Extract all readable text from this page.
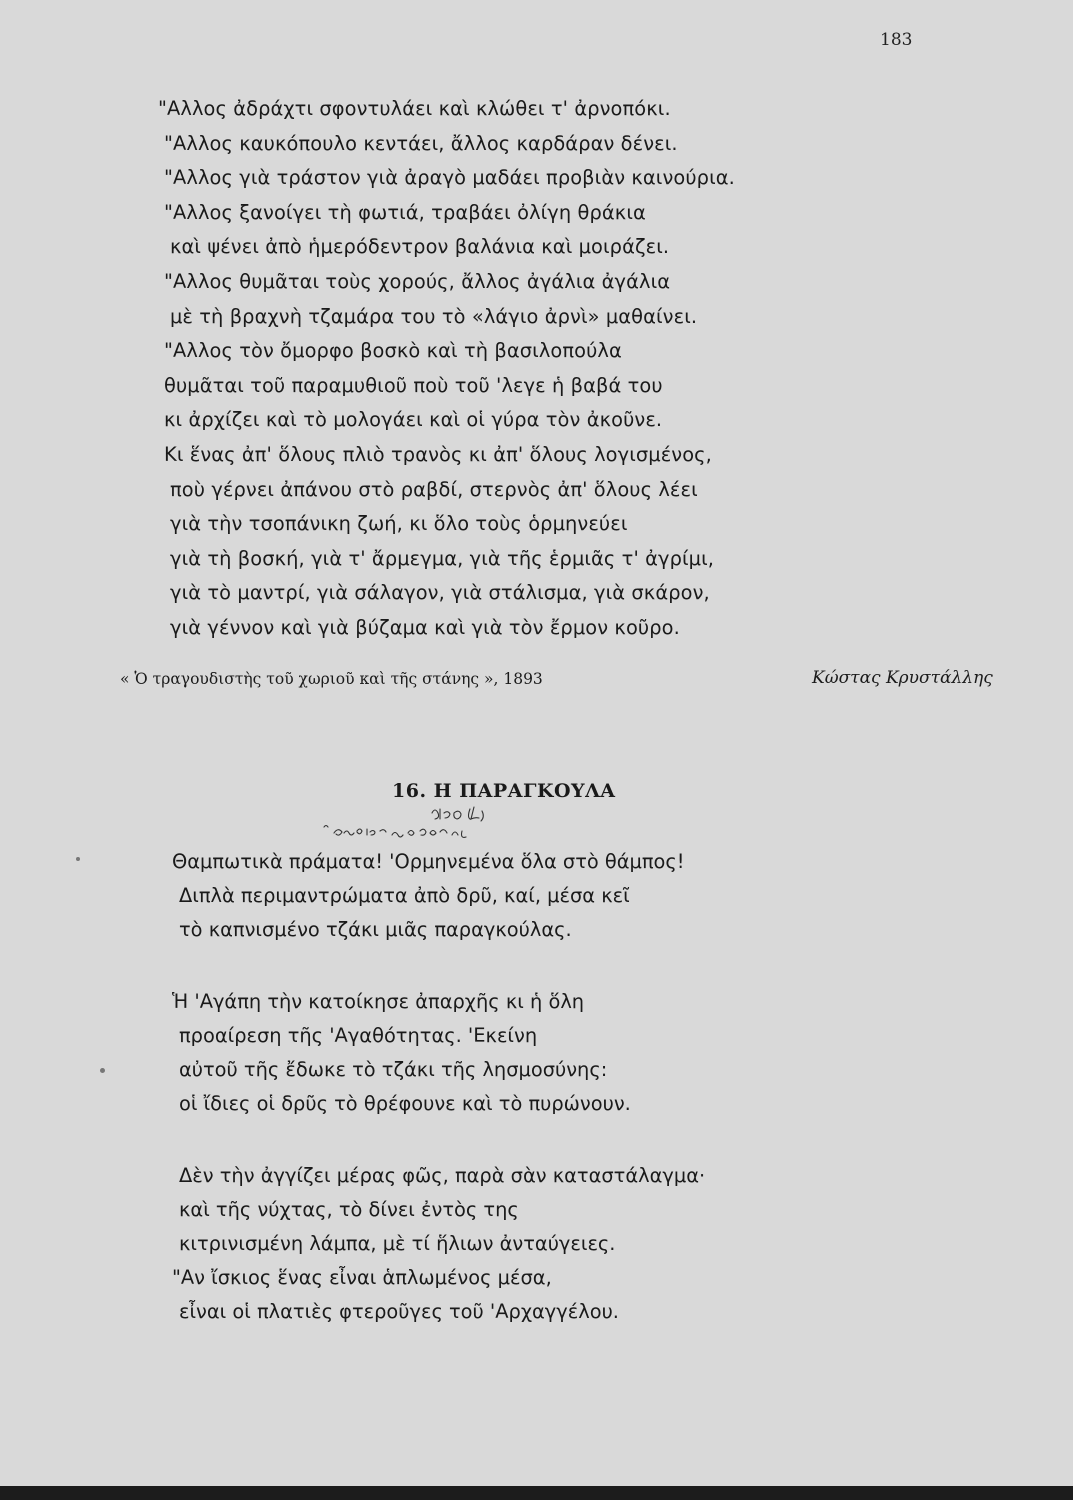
183
"Αλλος ἀδράχτι σφοντυλάει καὶ κλώθει τ' ἀρνοπόκι.
"Αλλος καυκόπουλο κεντάει, ἄλλος καρδάραν δένει.
"Αλλος γιὰ τράστον γιὰ ἀραγὸ μαδάει προβιὰν καινούρια.
"Αλλος ξανοίγει τὴ φωτιά, τραβάει ὀλίγη θράκια
καὶ ψένει ἀπὸ ἡμερόδεντρον βαλάνια καὶ μοιράζει.
"Αλλος θυμᾶται τοὺς χορούς, ἄλλος ἀγάλια ἀγάλια
μὲ τὴ βραχνὴ τζαμάρα του τὸ «λάγιο ἀρνὶ» μαθαίνει.
"Αλλος τὸν ὄμορφο βοσκὸ καὶ τὴ βασιλοπούλα
θυμᾶται τοῦ παραμυθιοῦ ποὺ τοῦ 'λεγε ἡ βαβά του
κι ἀρχίζει καὶ τὸ μολογάει καὶ οἱ γύρα τὸν ἀκοῦνε.
Κι ἕνας ἀπ' ὅλους πλιὸ τρανὸς κι ἀπ' ὅλους λογισμένος,
ποὺ γέρνει ἀπάνου στὸ ραβδί, στερνὸς ἀπ' ὅλους λέει
γιὰ τὴν τσοπάνικη ζωή, κι ὅλο τοὺς ὁρμηνεύει
γιὰ τὴ βοσκή, γιὰ τ' ἄρμεγμα, γιὰ τῆς ἑρμιᾶς τ' ἀγρίμι,
γιὰ τὸ μαντρί, γιὰ σάλαγον, γιὰ στάλισμα, γιὰ σκάρον,
γιὰ γέννον καὶ γιὰ βύζαμα καὶ γιὰ τὸν ἔρμον κοῦρο.
« Ὁ τραγουδιστὴς τοῦ χωριοῦ καὶ τῆς στάνης », 1893	Κώστας Κρυστάλλης
16. Η ΠΑΡΑΓΚΟΥΛΑ
Θαμπωτικὰ πράματα! 'Ορμηνεμένα ὅλα στὸ θάμπος!
Διπλὰ περιμαντρώματα ἀπὸ δρῦ, καί, μέσα κεῖ
τὸ καπνισμένο τζάκι μιᾶς παραγκούλας.
Ἡ 'Αγάπη τὴν κατοίκησε ἀπαρχῆς κι ἡ ὅλη
προαίρεση τῆς 'Αγαθότητας. 'Εκείνη
αὐτοῦ τῆς ἔδωκε τὸ τζάκι τῆς λησμοσύνης:
οἱ ἴδιες οἱ δρῦς τὸ θρέφουνε καὶ τὸ πυρώνουν.
Δὲν τὴν ἀγγίζει μέρας φῶς, παρὰ σὰν καταστάλαγμα·
καὶ τῆς νύχτας, τὸ δίνει ἐντὸς της
κιτρινισμένη λάμπα, μὲ τί ἥλιων ἀνταύγειες.
"Αν ἴσκιος ἕνας εἶναι ἁπλωμένος μέσα,
εἶναι οἱ πλατιὲς φτεροῦγες τοῦ 'Αρχαγγέλου.
